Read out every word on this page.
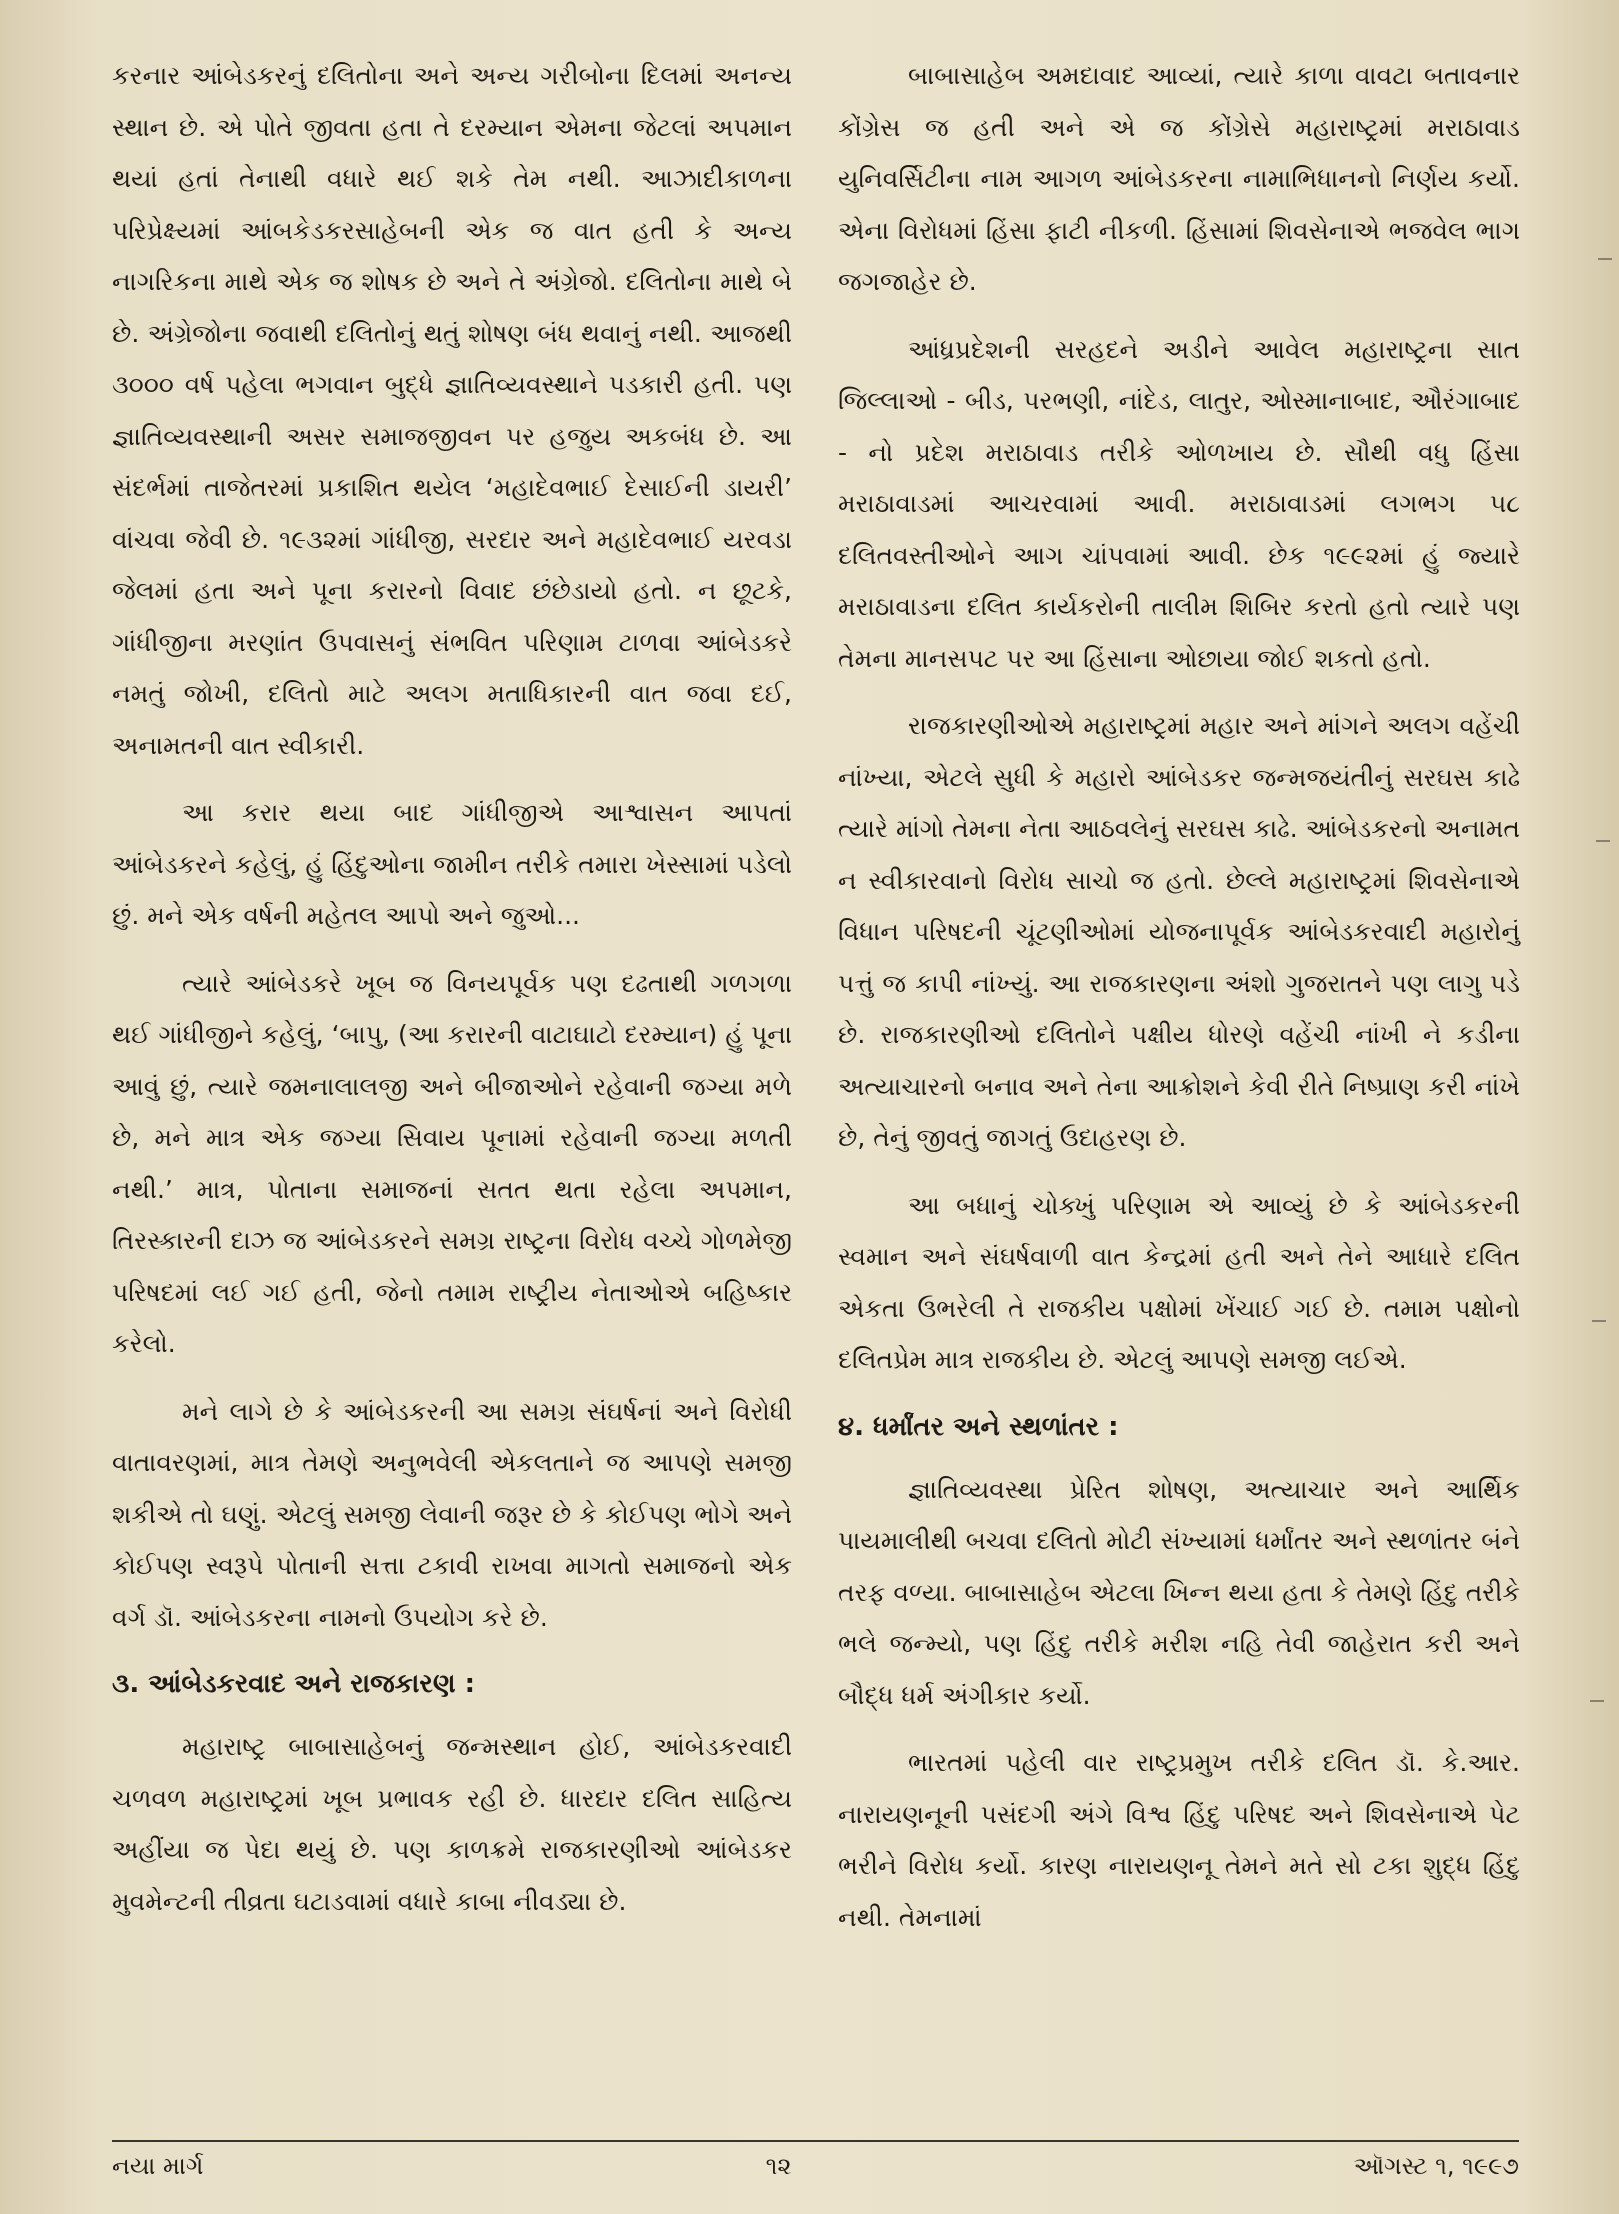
કરનાર આંબેડકરનું દલિતોના અને અન્ય ગરીબોના દિલમાં અનન્ય સ્થાન છે. એ પોતે જીવતા હતા તે દરમ્યાન એમના જેટલાં અપમાન થયાં હતાં તેનાથી વધારે થઈ શકે તેમ નથી. આઝાદીકાળના પરિપ્રેક્ષ્યમાં આંબકેડકરસાહેબની એક જ વાત હતી કે અન્ય નાગરિકના માથે એક જ શોષક છે અને તે અંગ્રેજો. દલિતોના માથે બે છે. અંગ્રેજોના જવાથી દલિતોનું થતું શોષણ બંધ થવાનું નથી. આજથી ૩૦૦૦ વર્ષ પહેલા ભગવાન બુદ્ધે જ્ઞાતિવ્યવસ્થાને પડકારી હતી. પણ જ્ઞાતિવ્યવસ્થાની અસર સમાજજીવન પર હજુય અકબંધ છે. આ સંદર્ભમાં તાજેતરમાં પ્રકાશિત થયેલ ‘મહાદેવભાઈ દેસાઈની ડાયરી’ વાંચવા જેવી છે. ૧૯૩૨માં ગાંધીજી, સરદાર અને મહાદેવભાઈ યરવડા જેલમાં હતા અને પૂના કરારનો વિવાદ છંછેડાયો હતો. ન છૂટકે, ગાંધીજીના મરણાંત ઉપવાસનું સંભવિત પરિણામ ટાળવા આંબેડકરે નમતું જોખી, દલિતો માટે અલગ મતાધિકારની વાત જવા દઈ, અનામતની વાત સ્વીકારી.

આ કરાર થયા બાદ ગાંધીજીએ આશ્વાસન આપતાં આંબેડકરને કહેલું, હું હિંદુઓના જામીન તરીકે તમારા ખેસ્સામાં પડેલો છું. મને એક વર્ષની મહેતલ આપો અને જુઓ...

ત્યારે આંબેડકરે ખૂબ જ વિનયપૂર્વક પણ દઢતાથી ગળગળા થઈ ગાંધીજીને કહેલું, ‘બાપુ, (આ કરારની વાટાઘાટો દરમ્યાન) હું પૂના આવું છું, ત્યારે જમનાલાલજી અને બીજાઓને રહેવાની જગ્યા મળે છે, મને માત્ર એક જગ્યા સિવાય પૂનામાં રહેવાની જગ્યા મળતી નથી.’ માત્ર, પોતાના સમાજનાં સતત થતા રહેલા અપમાન, તિરસ્કારની દાઝ જ આંબેડકરને સમગ્ર રાષ્ટ્રના વિરોધ વચ્ચે ગોળમેજી પરિષદમાં લઈ ગઈ હતી, જેનો તમામ રાષ્ટ્રીય નેતાઓએ બહિષ્કાર કરેલો.

મને લાગે છે કે આંબેડકરની આ સમગ્ર સંઘર્ષનાં અને વિરોધી વાતાવરણમાં, માત્ર તેમણે અનુભવેલી એકલતાને જ આપણે સમજી શકીએ તો ઘણું. એટલું સમજી લેવાની જરૂર છે કે કોઈપણ ભોગે અને કોઈપણ સ્વરૂપે પોતાની સત્તા ટકાવી રાખવા માગતો સમાજનો એક વર્ગ ડૉ. આંબેડકરના નામનો ઉપયોગ કરે છે.

૩. આંબેડકરવાદ અને રાજકારણ :

મહારાષ્ટ્ર બાબાસાહેબનું જન્મસ્થાન હોઈ, આંબેડકરવાદી ચળવળ મહારાષ્ટ્રમાં ખૂબ પ્રભાવક રહી છે. ધારદાર દલિત સાહિત્ય અહીંયા જ પેદા થયું છે. પણ કાળક્રમે રાજકારણીઓ આંબેડકર મુવમેન્ટની તીવ્રતા ઘટાડવામાં વધારે કાબા નીવડ્યા છે.

બાબાસાહેબ અમદાવાદ આવ્યાં, ત્યારે કાળા વાવટા બતાવનાર કોંગ્રેસ જ હતી અને એ જ કોંગ્રેસે મહારાષ્ટ્રમાં મરાઠાવાડ યુનિવર્સિટીના નામ આગળ આંબેડકરના નામાભિધાનનો નિર્ણય કર્યો. એના વિરોધમાં હિંસા ફાટી નીકળી. હિંસામાં શિવસેનાએ ભજવેલ ભાગ જગજાહેર છે.

આંધ્રપ્રદેશની સરહદને અડીને આવેલ મહારાષ્ટ્રના સાત જિલ્લાઓ - બીડ, પરભણી, નાંદેડ, લાતુર, ઓસ્માનાબાદ, ઔરંગાબાદ - નો પ્રદેશ મરાઠાવાડ તરીકે ઓળખાય છે. સૌથી વધુ હિંસા મરાઠાવાડમાં આચરવામાં આવી. મરાઠાવાડમાં લગભગ ૫૮ દલિતવસ્તીઓને આગ ચાંપવામાં આવી. છેક ૧૯૯૨માં હું જ્યારે મરાઠાવાડના દલિત કાર્યકરોની તાલીમ શિબિર કરતો હતો ત્યારે પણ તેમના માનસપટ પર આ હિંસાના ઓછાયા જોઈ શકતો હતો.

રાજકારણીઓએ મહારાષ્ટ્રમાં મહાર અને માંગને અલગ વહેંચી નાંખ્યા, એટલે સુધી કે મહારો આંબેડકર જન્મજયંતીનું સરઘસ કાઢે ત્યારે માંગો તેમના નેતા આઠવલેનું સરઘસ કાઢે. આંબેડકરનો અનામત ન સ્વીકારવાનો વિરોધ સાચો જ હતો. છેલ્લે મહારાષ્ટ્રમાં શિવસેનાએ વિધાન પરિષદની ચૂંટણીઓમાં યોજનાપૂર્વક આંબેડકરવાદી મહારોનું પત્તું જ કાપી નાંખ્યું. આ રાજકારણના અંશો ગુજરાતને પણ લાગુ પડે છે. રાજકારણીઓ દલિતોને પક્ષીય ધોરણે વહેંચી નાંખી ને કડીના અત્યાચારનો બનાવ અને તેના આક્રોશને કેવી રીતે નિષ્પ્રાણ કરી નાંખે છે, તેનું જીવતું જાગતું ઉદાહરણ છે.

આ બધાનું ચોક્ખું પરિણામ એ આવ્યું છે કે આંબેડકરની સ્વમાન અને સંઘર્ષવાળી વાત કેન્દ્રમાં હતી અને તેને આધારે દલિત એકતા ઉભરેલી તે રાજકીય પક્ષોમાં ખેંચાઈ ગઈ છે. તમામ પક્ષોનો દલિતપ્રેમ માત્ર રાજકીય છે. એટલું આપણે સમજી લઈએ.

૪. ધર્માંતર અને સ્થળાંતર :

જ્ઞાતિવ્યવસ્થા પ્રેરિત શોષણ, અત્યાચાર અને આર્થિક પાયમાલીથી બચવા દલિતો મોટી સંખ્યામાં ધર્માંતર અને સ્થળાંતર બંને તરફ વળ્યા. બાબાસાહેબ એટલા ખિન્ન થયા હતા કે તેમણે હિંદુ તરીકે ભલે જન્મ્યો, પણ હિંદુ તરીકે મરીશ નહિ તેવી જાહેરાત કરી અને બૌદ્ધ ધર્મ અંગીકાર કર્યો.

ભારતમાં પહેલી વાર રાષ્ટ્રપ્રમુખ તરીકે દલિત ડૉ. કે.આર. નારાયણનૂની પસંદગી અંગે વિશ્વ હિંદુ પરિષદ અને શિવસેનાએ પેટ ભરીને વિરોધ કર્યો. કારણ નારાયણનૂ તેમને મતે સો ટકા શુદ્ધ હિંદુ નથી. તેમનામાં

નયા માર્ગ	૧૨	ઑગસ્ટ ૧, ૧૯૯૭
